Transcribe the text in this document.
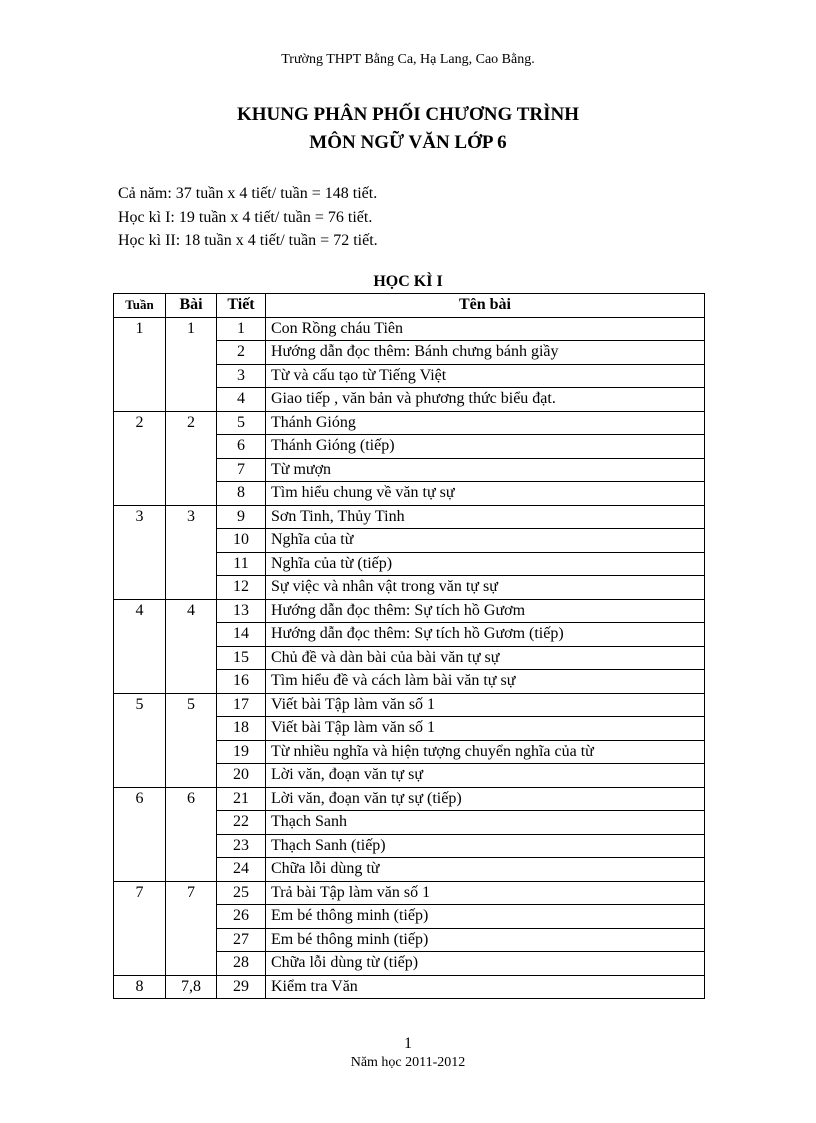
Trường THPT Bằng Ca, Hạ Lang, Cao Bằng.
KHUNG PHÂN PHỐI CHƯƠNG TRÌNH
MÔN NGỮ VĂN LỚP 6
Cả năm: 37 tuần x 4 tiết/ tuần = 148 tiết.
Học kì I: 19 tuần x 4 tiết/ tuần = 76 tiết.
Học kì II: 18 tuần x 4 tiết/ tuần = 72 tiết.
HỌC KÌ I
Tuần	Bài	Tiết	Tên bài
1	1	1	Con Rồng cháu Tiên
		2	Hướng dẫn đọc thêm: Bánh chưng bánh giầy
		3	Từ và cấu tạo từ Tiếng Việt
		4	Giao tiếp , văn bản và phương thức biểu đạt.
2	2	5	Thánh Gióng
		6	Thánh Gióng (tiếp)
		7	Từ mượn
		8	Tìm hiểu chung về văn tự sự
3	3	9	Sơn Tinh, Thủy Tinh
		10	Nghĩa của từ
		11	Nghĩa của từ (tiếp)
		12	Sự việc và nhân vật trong văn tự sự
4	4	13	Hướng dẫn đọc thêm: Sự tích hồ Gươm
		14	Hướng dẫn đọc thêm: Sự tích hồ Gươm (tiếp)
		15	Chủ đề và dàn bài của bài văn tự sự
		16	Tìm hiểu đề và cách làm bài văn tự sự
5	5	17	Viết bài Tập làm văn số 1
		18	Viết bài Tập làm văn số 1
		19	Từ nhiều nghĩa và hiện tượng chuyển nghĩa của từ
		20	Lời văn, đoạn văn tự sự
6	6	21	Lời văn, đoạn văn tự sự (tiếp)
		22	Thạch Sanh
		23	Thạch Sanh (tiếp)
		24	Chữa lỗi dùng từ
7	7	25	Trả bài Tập làm văn số 1
		26	Em bé thông minh (tiếp)
		27	Em bé thông minh (tiếp)
		28	Chữa lỗi dùng từ (tiếp)
8	7,8	29	Kiểm tra Văn
1
Năm học 2011-2012
